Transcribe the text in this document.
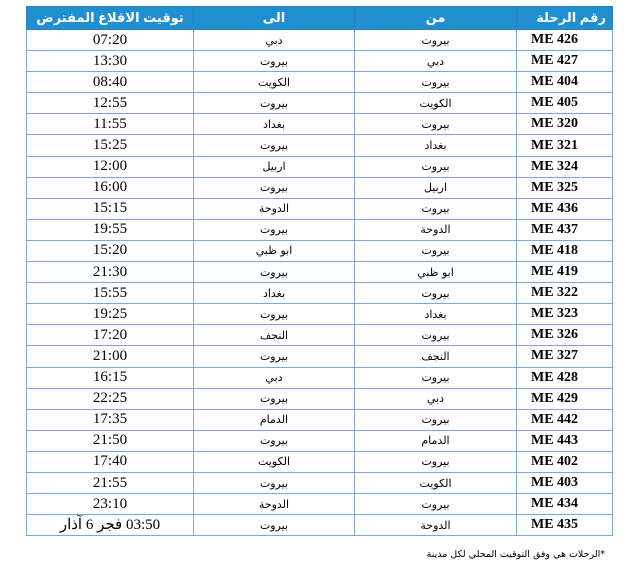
رقم الرحلة	من	الى	توقيت الاقلاع المفترض
ME 426	بيروت	دبي	07:20
ME 427	دبي	بيروت	13:30
ME 404	بيروت	الكويت	08:40
ME 405	الكويت	بيروت	12:55
ME 320	بيروت	بغداد	11:55
ME 321	بغداد	بيروت	15:25
ME 324	بيروت	اربيل	12:00
ME 325	اربيل	بيروت	16:00
ME 436	بيروت	الدوحة	15:15
ME 437	الدوحة	بيروت	19:55
ME 418	بيروت	ابو ظبي	15:20
ME 419	ابو ظبي	بيروت	21:30
ME 322	بيروت	بغداد	15:55
ME 323	بغداد	بيروت	19:25
ME 326	بيروت	النجف	17:20
ME 327	النجف	بيروت	21:00
ME 428	بيروت	دبي	16:15
ME 429	دبي	بيروت	22:25
ME 442	بيروت	الدمام	17:35
ME 443	الدمام	بيروت	21:50
ME 402	بيروت	الكويت	17:40
ME 403	الكويت	بيروت	21:55
ME 434	بيروت	الدوحة	23:10
ME 435	الدوحة	بيروت	03:50 فجر 6 آذار
*الرحلات هي وفق التوقيت المحلي لكل مدينة
